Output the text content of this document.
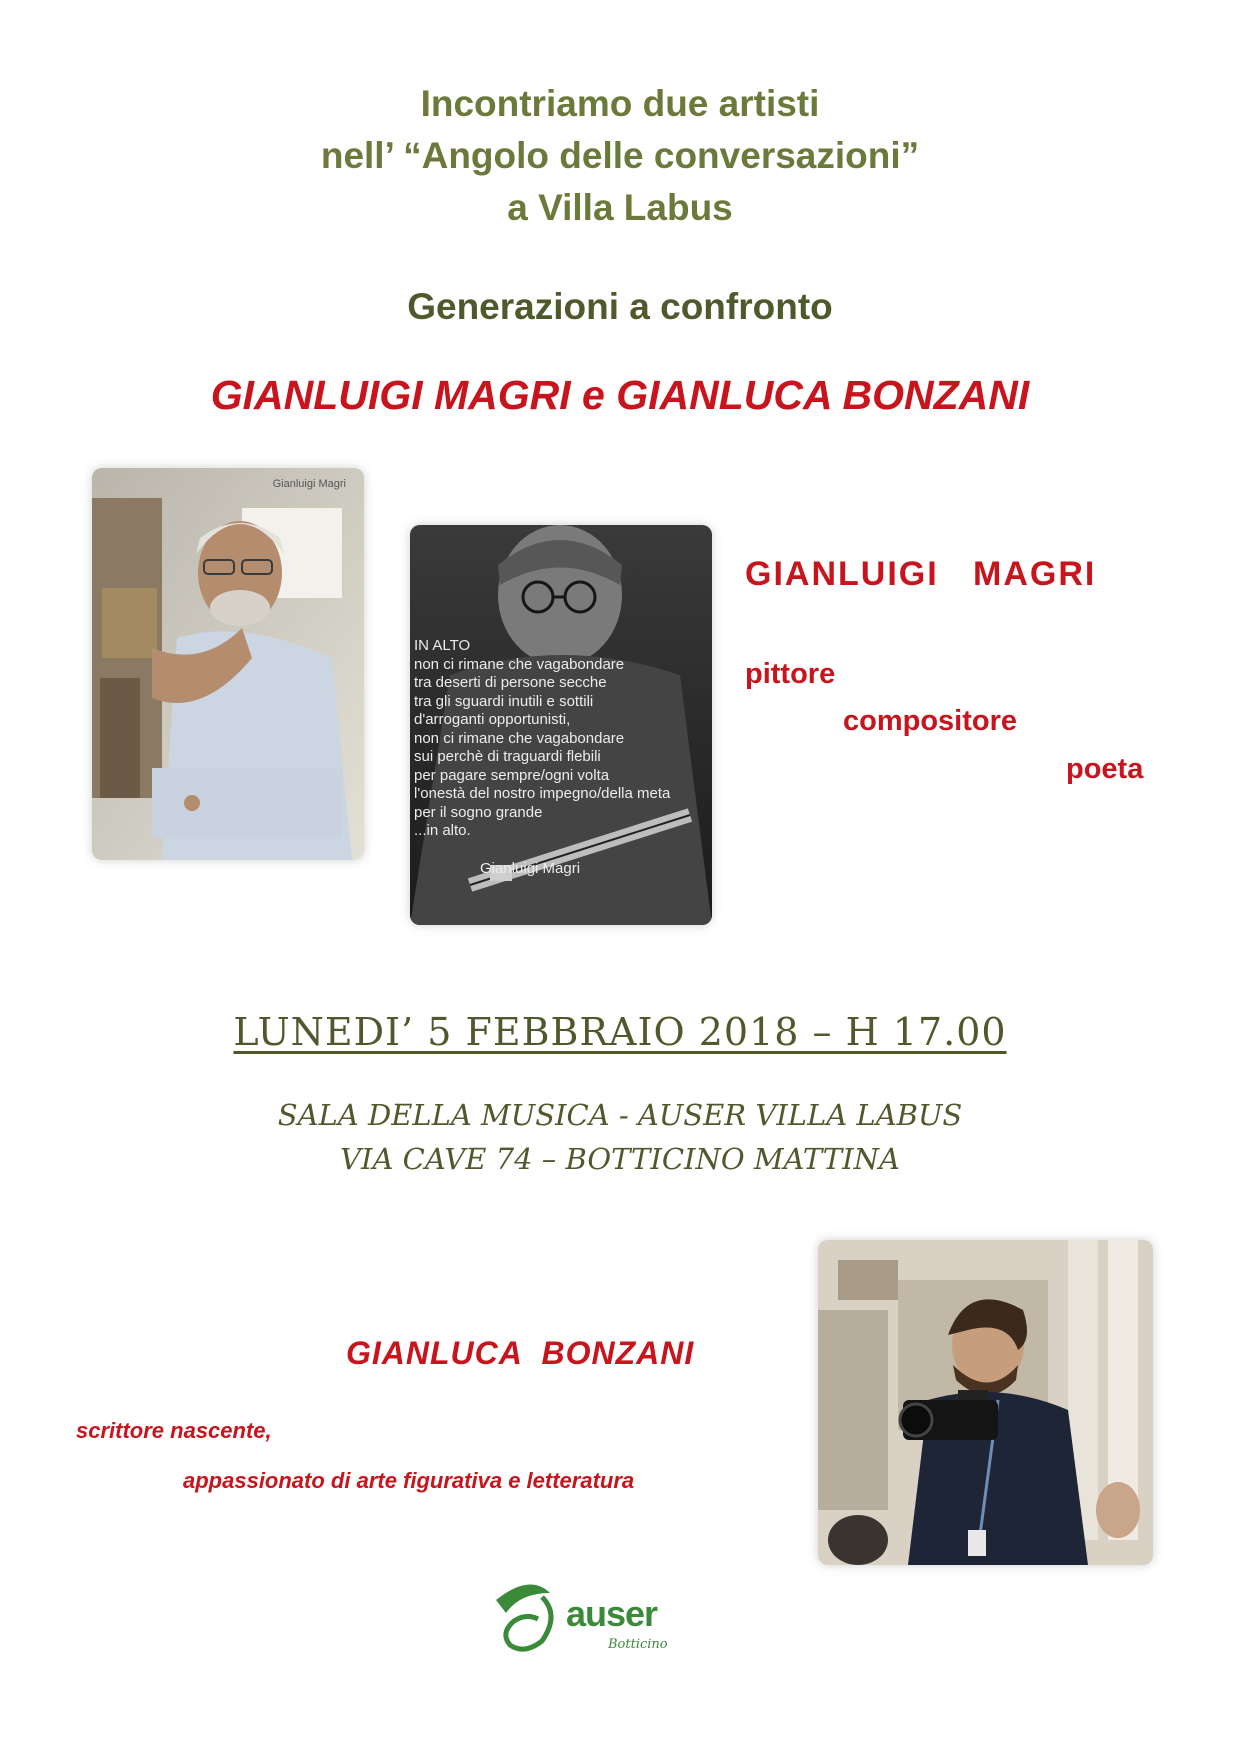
Incontriamo due artisti
nell’ “Angolo delle conversazioni”
a Villa Labus
Generazioni a confronto
GIANLUIGI MAGRI e GIANLUCA BONZANI
Gianluigi Magri
IN ALTO
non ci rimane che vagabondare
tra deserti di persone secche
tra gli sguardi inutili e sottili
d'arroganti opportunisti,
non ci rimane che vagabondare
sui perchè di traguardi flebili
per pagare sempre/ogni volta
l'onestà del nostro impegno/della meta
per il sogno grande
...in alto.
Gianluigi Magri
GIANLUIGI   MAGRI
pittore
compositore
poeta
LUNEDI’ 5 FEBBRAIO 2018 – H 17.00
SALA DELLA MUSICA - AUSER VILLA LABUS
VIA CAVE 74 – BOTTICINO MATTINA
GIANLUCA  BONZANI
scrittore nascente,
appassionato di arte figurativa e letteratura
auser
Botticino
